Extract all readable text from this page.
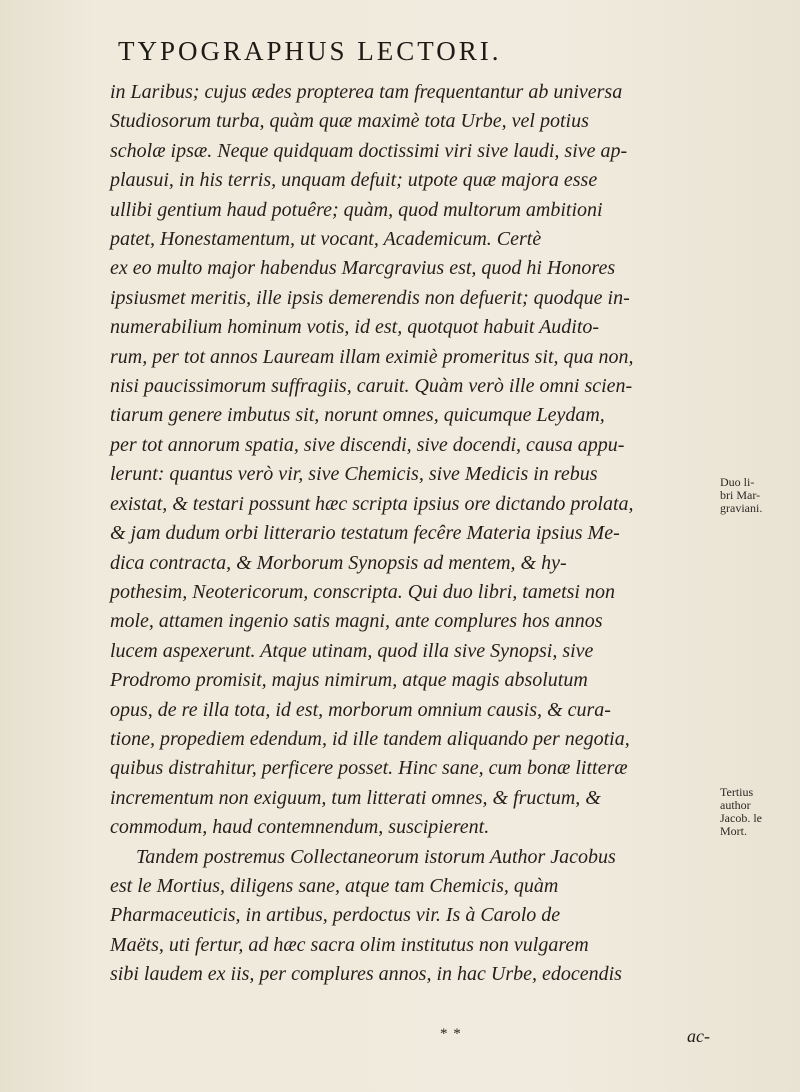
TYPOGRAPHUS LECTORI.
in Laribus; cujus ædes propterea tam frequentantur ab universa
Studiosorum turba, quàm quæ maximè tota Urbe, vel potius
scholæ ipsæ. Neque quidquam doctissimi viri sive laudi, sive ap-
plausui, in his terris, unquam defuit; utpote quæ majora esse
ullibi gentium haud potuêre; quàm, quod multorum ambitioni
patet, Honestamentum, ut vocant, Academicum. Certè
ex eo multo major habendus Marcgravius est, quod hi Honores
ipsiusmet meritis, ille ipsis demerendis non defuerit; quodque in-
numerabilium hominum votis, id est, quotquot habuit Audito-
rum, per tot annos Lauream illam eximiè promeritus sit, qua non,
nisi paucissimorum suffragiis, caruit. Quàm verò ille omni scien-
tiarum genere imbutus sit, norunt omnes, quicumque Leydam,
per tot annorum spatia, sive discendi, sive docendi, causa appu-
lerunt: quantus verò vir, sive Chemicis, sive Medicis in rebus
existat, & testari possunt hæc scripta ipsius ore dictando prolata,
& jam dudum orbi litterario testatum fecêre Materia ipsius Me-
dica contracta, & Morborum Synopsis ad mentem, & hy-
pothesim, Neotericorum, conscripta. Qui duo libri, tametsi non
mole, attamen ingenio satis magni, ante complures hos annos
lucem aspexerunt. Atque utinam, quod illa sive Synopsi, sive
Prodromo promisit, majus nimirum, atque magis absolutum
opus, de re illa tota, id est, morborum omnium causis, & cura-
tione, propediem edendum, id ille tandem aliquando per negotia,
quibus distrahitur, perficere posset. Hinc sane, cum bonæ litteræ
incrementum non exiguum, tum litterati omnes, & fructum, &
commodum, haud contemnendum, suscipierent.
Tandem postremus Collectaneorum istorum Author Jacobus
est le Mortius, diligens sane, atque tam Chemicis, quàm
Pharmaceuticis, in artibus, perdoctus vir. Is à Carolo de
Maëts, uti fertur, ad hæc sacra olim institutus non vulgarem
sibi laudem ex iis, per complures annos, in hac Urbe, edocendis
Duo li-
bri Mar-
graviani.
Tertius
author
Jacob. le
Mort.
* *	ac-
